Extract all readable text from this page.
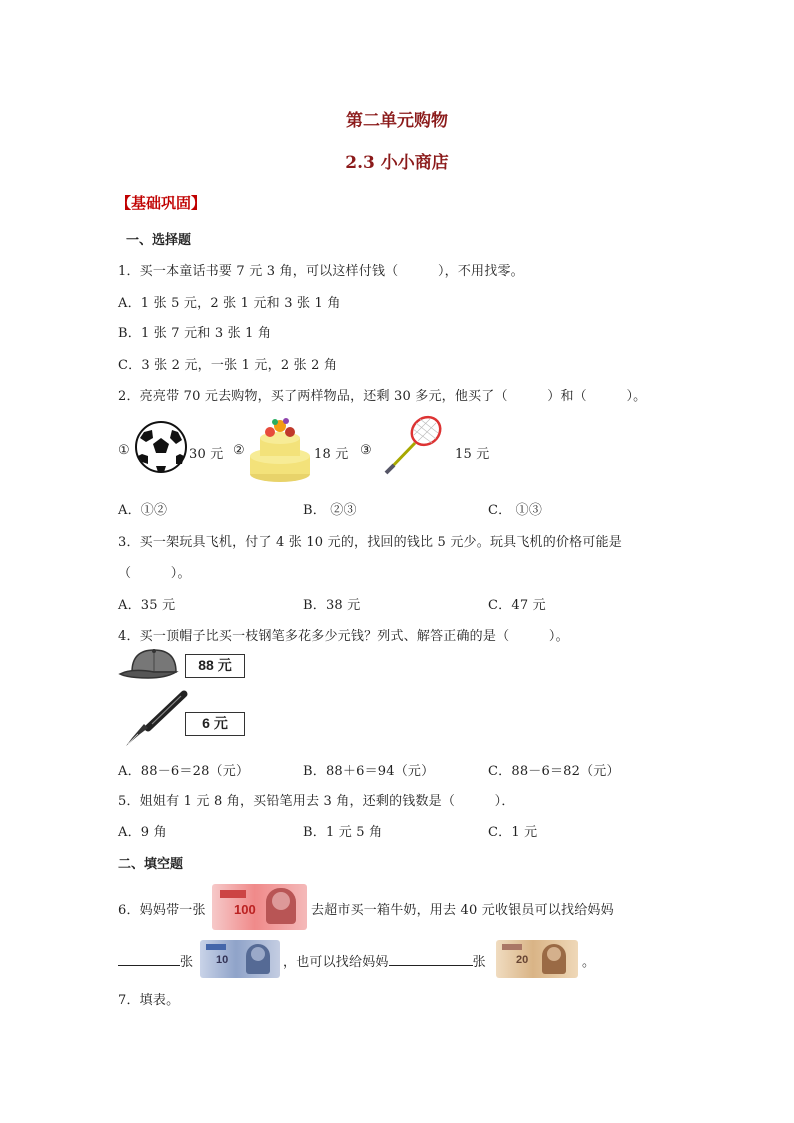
第二单元购物
2.3 小小商店
【基础巩固】
一、选择题
1．买一本童话书要 7 元 3 角，可以这样付钱（　　　），不用找零。
A．1 张 5 元，2 张 1 元和 3 张 1 角
B．1 张 7 元和 3 张 1 角
C．3 张 2 元，一张 1 元，2 张 2 角
2．亮亮带 70 元去购物，买了两样物品，还剩 30 多元，他买了（　　　）和（　　　）。
①	30 元 ②	18 元 ③	15 元
A．①②	B． ②③	C． ①③
3．买一架玩具飞机，付了 4 张 10 元的，找回的钱比 5 元少。玩具飞机的价格可能是
（　　　）。
A．35 元	B．38 元	C．47 元
4．买一顶帽子比买一枝钢笔多花多少元钱？列式、解答正确的是（　　　）。
88 元
6 元
A．88－6＝28（元）	B．88＋6＝94（元）	C．88－6＝82（元）
5．姐姐有 1 元 8 角，买铅笔用去 3 角，还剩的钱数是（　　　）．
A．9 角	B．1 元 5 角	C．1 元
二、填空题
6．妈妈带一张 100	去超市买一箱牛奶，用去 40 元收银员可以找给妈妈
张 10	，也可以找给妈妈	张	20	。
7．填表。
